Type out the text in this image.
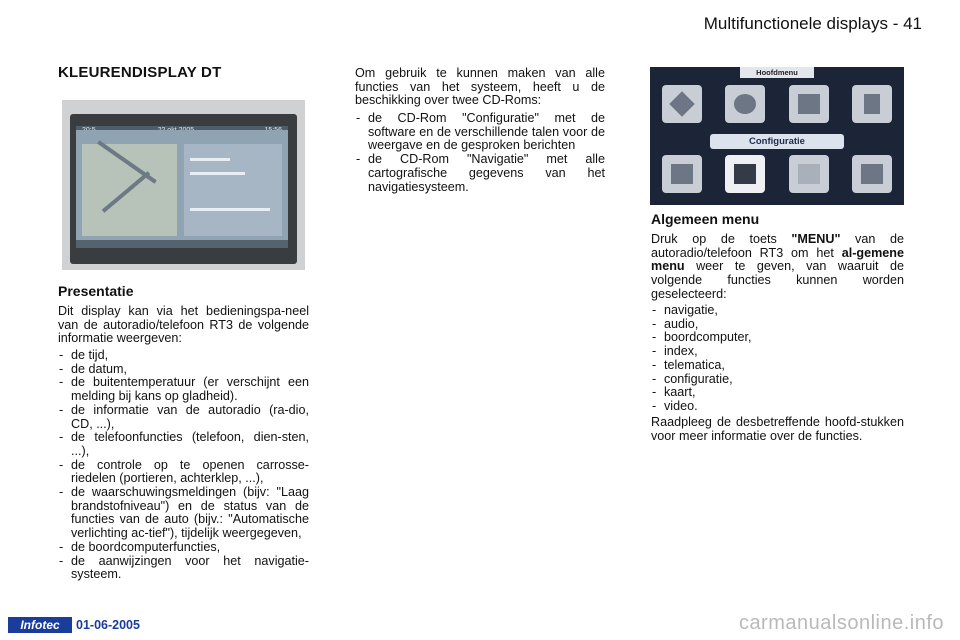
Multifunctionele displays - 41
KLEURENDISPLAY DT
Presentatie
Dit display kan via het bedieningspa-neel van de autoradio/telefoon RT3 de volgende informatie weergeven:
- de tijd,
- de datum,
- de buitentemperatuur (er verschijnt een melding bij kans op gladheid).
- de informatie van de autoradio (ra-dio, CD, ...),
- de telefoonfuncties (telefoon, dien-sten, ...),
- de controle op te openen carrosse-riedelen (portieren, achterklep, ...),
- de waarschuwingsmeldingen (bijv: "Laag brandstofniveau") en de status van de functies van de auto (bijv.: "Automatische verlichting ac-tief"), tijdelijk weergegeven,
- de boordcomputerfuncties,
- de aanwijzingen voor het navigatie-systeem.
Om gebruik te kunnen maken van alle functies van het systeem, heeft u de beschikking over twee CD-Roms:
- de CD-Rom "Configuratie" met de software en de verschillende talen voor de weergave en de gesproken berichten
- de CD-Rom "Navigatie" met alle cartografische gegevens van het navigatiesysteem.
Hoofdmenu
Configuratie
Algemeen menu
Druk op de toets "MENU" van de autoradio/telefoon RT3 om het al-gemene menu weer te geven, van waaruit de volgende functies kunnen worden geselecteerd:
- navigatie,
- audio,
- boordcomputer,
- index,
- telematica,
- configuratie,
- kaart,
- video.
Raadpleeg de desbetreffende hoofd-stukken voor meer informatie over de functies.
Infotec	01-06-2005	carmanualsonline.info
